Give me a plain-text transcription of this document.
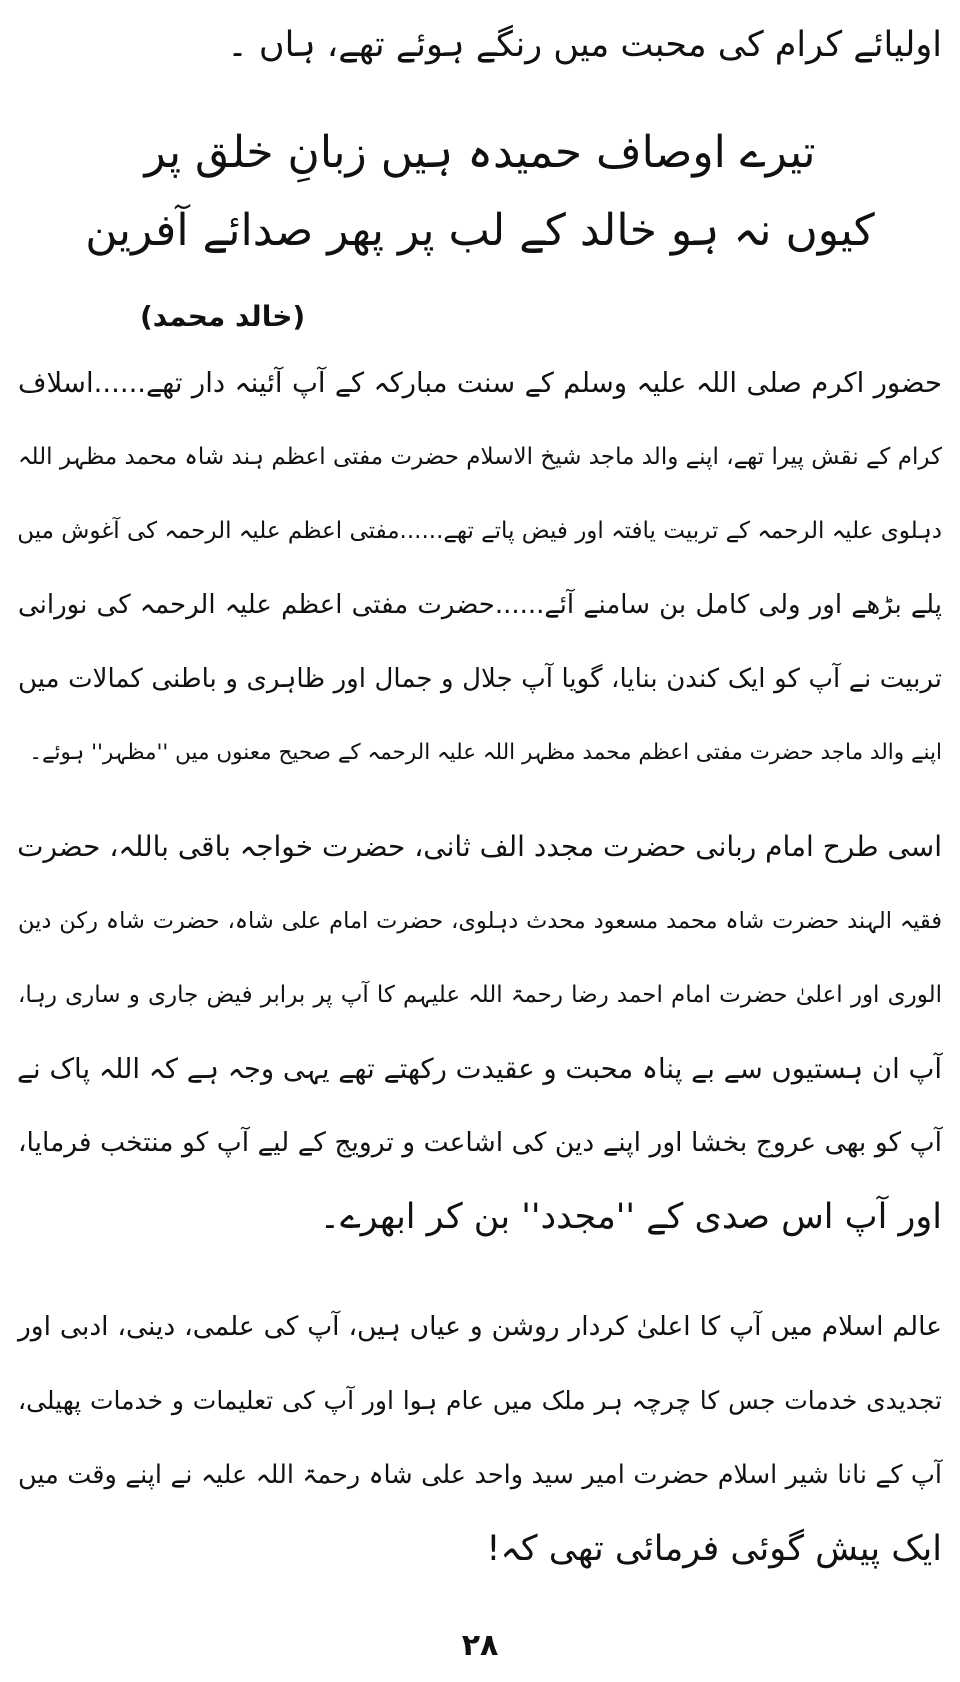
اولیائے کرام کی محبت میں رنگے ہوئے تھے، ہاں ۔
تیرے اوصاف حمیدہ ہیں زبانِ خلق پر
کیوں نہ ہو خالد کے لب پر پھر صدائے آفرین
(خالد محمد)
حضور اکرم صلی اللہ علیہ وسلم کے سنت مبارکہ کے آپ آئینہ دار تھے......اسلاف
کرام کے نقش پیرا تھے، اپنے والد ماجد شیخ الاسلام حضرت مفتی اعظم ہند شاہ محمد مظہر اللہ
دہلوی علیہ الرحمہ کے تربیت یافتہ اور فیض پاتے تھے......مفتی اعظم علیہ الرحمہ کی آغوش میں
پلے بڑھے اور ولی کامل بن سامنے آئے......حضرت مفتی اعظم علیہ الرحمہ کی نورانی
تربیت نے آپ کو ایک کندن بنایا، گویا آپ جلال و جمال اور ظاہری و باطنی کمالات میں
اپنے والد ماجد حضرت مفتی اعظم محمد مظہر اللہ علیہ الرحمہ کے صحیح معنوں میں ''مظہر'' ہوئے۔
اسی طرح امام ربانی حضرت مجدد الف ثانی، حضرت خواجہ باقی باللہ، حضرت
فقیہ الہند حضرت شاہ محمد مسعود محدث دہلوی، حضرت امام علی شاہ، حضرت شاہ رکن دین
الوری اور اعلیٰ حضرت امام احمد رضا رحمۃ اللہ علیہم کا آپ پر برابر فیض جاری و ساری رہا،
آپ ان ہستیوں سے بے پناہ محبت و عقیدت رکھتے تھے یہی وجہ ہے کہ اللہ پاک نے
آپ کو بھی عروج بخشا اور اپنے دین کی اشاعت و ترویج کے لیے آپ کو منتخب فرمایا،
اور آپ اس صدی کے ''مجدد'' بن کر ابھرے۔
عالم اسلام میں آپ کا اعلیٰ کردار روشن و عیاں ہیں، آپ کی علمی، دینی، ادبی اور
تجدیدی خدمات جس کا چرچہ ہر ملک میں عام ہوا اور آپ کی تعلیمات و خدمات پھیلی،
آپ کے نانا شیر اسلام حضرت امیر سید واحد علی شاہ رحمۃ اللہ علیہ نے اپنے وقت میں
ایک پیش گوئی فرمائی تھی کہ!
۲۸
